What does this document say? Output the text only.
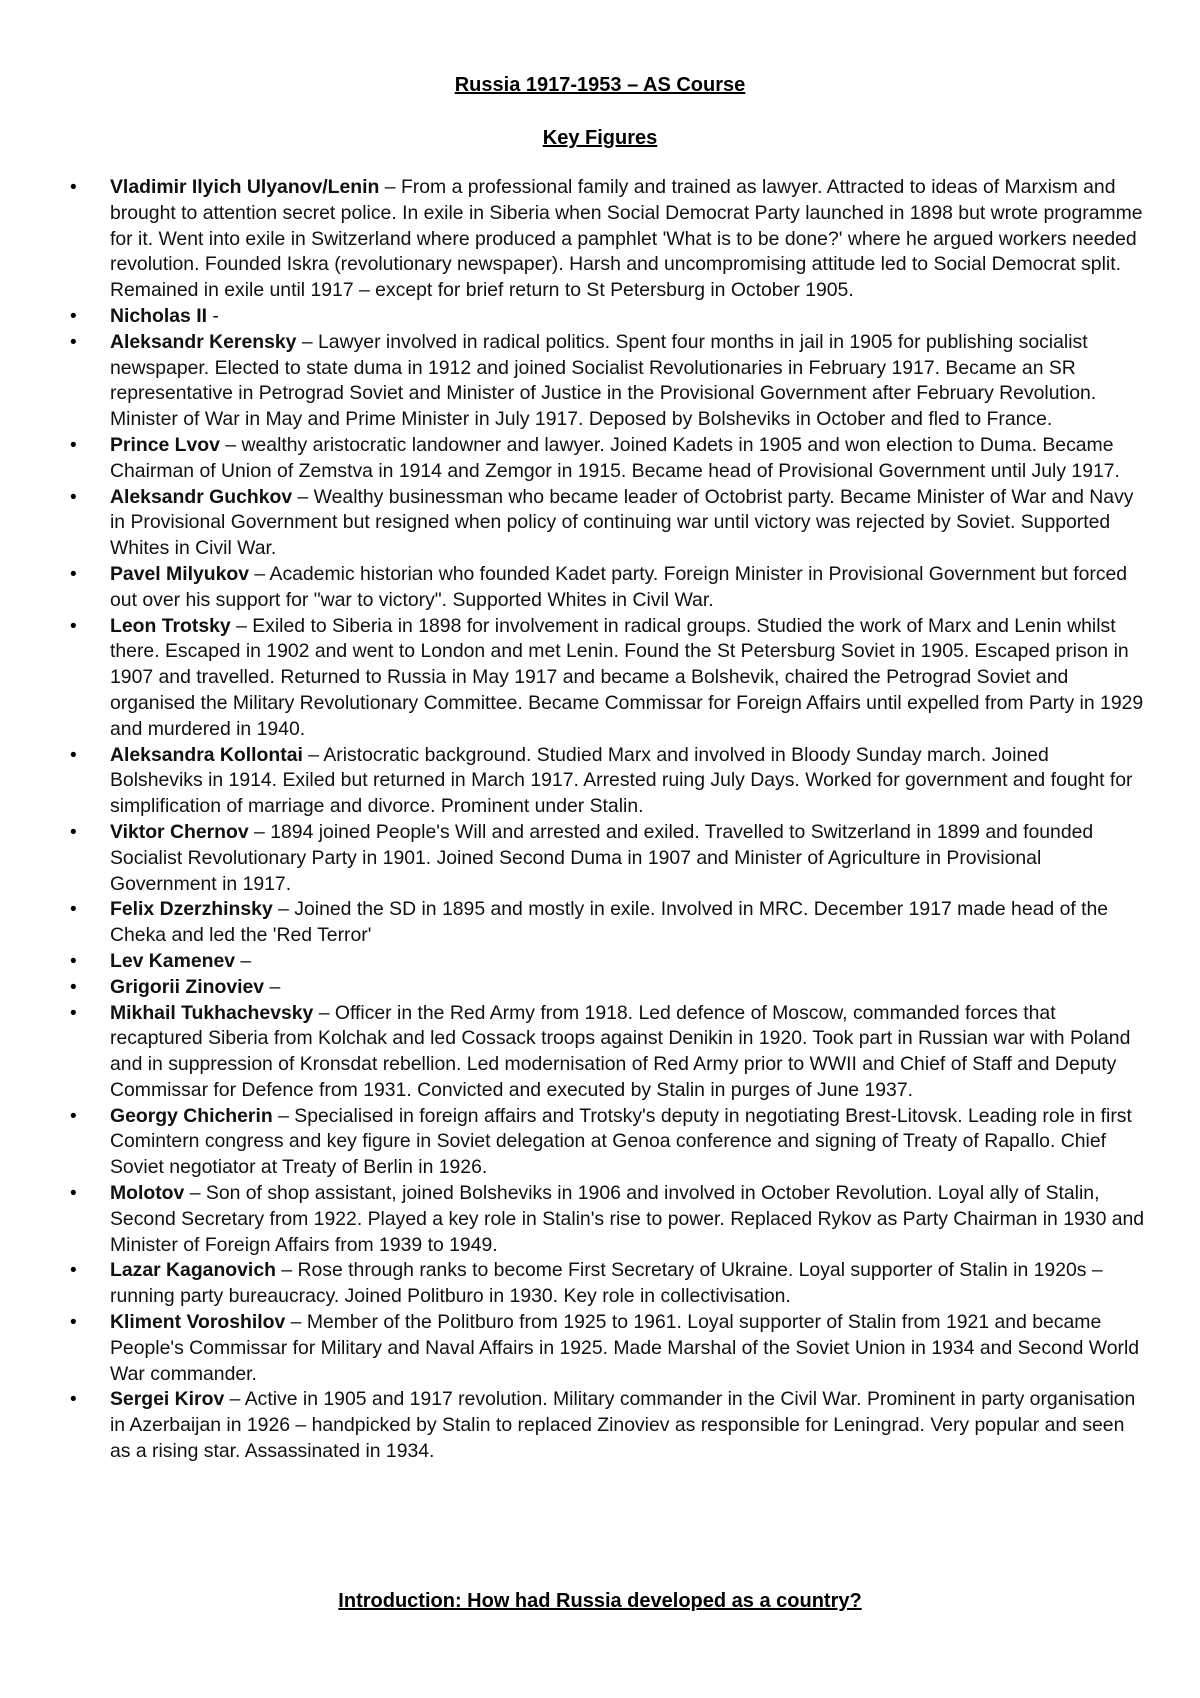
Russia 1917-1953 – AS Course
Key Figures
• Vladimir Ilyich Ulyanov/Lenin – From a professional family and trained as lawyer. Attracted to ideas of Marxism and brought to attention secret police. In exile in Siberia when Social Democrat Party launched in 1898 but wrote programme for it. Went into exile in Switzerland where produced a pamphlet 'What is to be done?' where he argued workers needed revolution. Founded Iskra (revolutionary newspaper). Harsh and uncompromising attitude led to Social Democrat split. Remained in exile until 1917 – except for brief return to St Petersburg in October 1905.
• Nicholas II -
• Aleksandr Kerensky – Lawyer involved in radical politics. Spent four months in jail in 1905 for publishing socialist newspaper. Elected to state duma in 1912 and joined Socialist Revolutionaries in February 1917. Became an SR representative in Petrograd Soviet and Minister of Justice in the Provisional Government after February Revolution. Minister of War in May and Prime Minister in July 1917. Deposed by Bolsheviks in October and fled to France.
• Prince Lvov – wealthy aristocratic landowner and lawyer. Joined Kadets in 1905 and won election to Duma. Became Chairman of Union of Zemstva in 1914 and Zemgor in 1915. Became head of Provisional Government until July 1917.
• Aleksandr Guchkov – Wealthy businessman who became leader of Octobrist party. Became Minister of War and Navy in Provisional Government but resigned when policy of continuing war until victory was rejected by Soviet. Supported Whites in Civil War.
• Pavel Milyukov – Academic historian who founded Kadet party. Foreign Minister in Provisional Government but forced out over his support for "war to victory". Supported Whites in Civil War.
• Leon Trotsky – Exiled to Siberia in 1898 for involvement in radical groups. Studied the work of Marx and Lenin whilst there. Escaped in 1902 and went to London and met Lenin. Found the St Petersburg Soviet in 1905. Escaped prison in 1907 and travelled. Returned to Russia in May 1917 and became a Bolshevik, chaired the Petrograd Soviet and organised the Military Revolutionary Committee. Became Commissar for Foreign Affairs until expelled from Party in 1929 and murdered in 1940.
• Aleksandra Kollontai – Aristocratic background. Studied Marx and involved in Bloody Sunday march. Joined Bolsheviks in 1914. Exiled but returned in March 1917. Arrested ruing July Days. Worked for government and fought for simplification of marriage and divorce. Prominent under Stalin.
• Viktor Chernov – 1894 joined People's Will and arrested and exiled. Travelled to Switzerland in 1899 and founded Socialist Revolutionary Party in 1901. Joined Second Duma in 1907 and Minister of Agriculture in Provisional Government in 1917.
• Felix Dzerzhinsky – Joined the SD in 1895 and mostly in exile. Involved in MRC. December 1917 made head of the Cheka and led the 'Red Terror'
• Lev Kamenev –
• Grigorii Zinoviev –
• Mikhail Tukhachevsky – Officer in the Red Army from 1918. Led defence of Moscow, commanded forces that recaptured Siberia from Kolchak and led Cossack troops against Denikin in 1920. Took part in Russian war with Poland and in suppression of Kronsdat rebellion. Led modernisation of Red Army prior to WWII and Chief of Staff and Deputy Commissar for Defence from 1931. Convicted and executed by Stalin in purges of June 1937.
• Georgy Chicherin – Specialised in foreign affairs and Trotsky's deputy in negotiating Brest-Litovsk. Leading role in first Comintern congress and key figure in Soviet delegation at Genoa conference and signing of Treaty of Rapallo. Chief Soviet negotiator at Treaty of Berlin in 1926.
• Molotov – Son of shop assistant, joined Bolsheviks in 1906 and involved in October Revolution. Loyal ally of Stalin, Second Secretary from 1922. Played a key role in Stalin's rise to power. Replaced Rykov as Party Chairman in 1930 and Minister of Foreign Affairs from 1939 to 1949.
• Lazar Kaganovich – Rose through ranks to become First Secretary of Ukraine. Loyal supporter of Stalin in 1920s – running party bureaucracy. Joined Politburo in 1930. Key role in collectivisation.
• Kliment Voroshilov – Member of the Politburo from 1925 to 1961. Loyal supporter of Stalin from 1921 and became People's Commissar for Military and Naval Affairs in 1925. Made Marshal of the Soviet Union in 1934 and Second World War commander.
• Sergei Kirov – Active in 1905 and 1917 revolution. Military commander in the Civil War. Prominent in party organisation in Azerbaijan in 1926 – handpicked by Stalin to replaced Zinoviev as responsible for Leningrad. Very popular and seen as a rising star. Assassinated in 1934.
Introduction: How had Russia developed as a country?
